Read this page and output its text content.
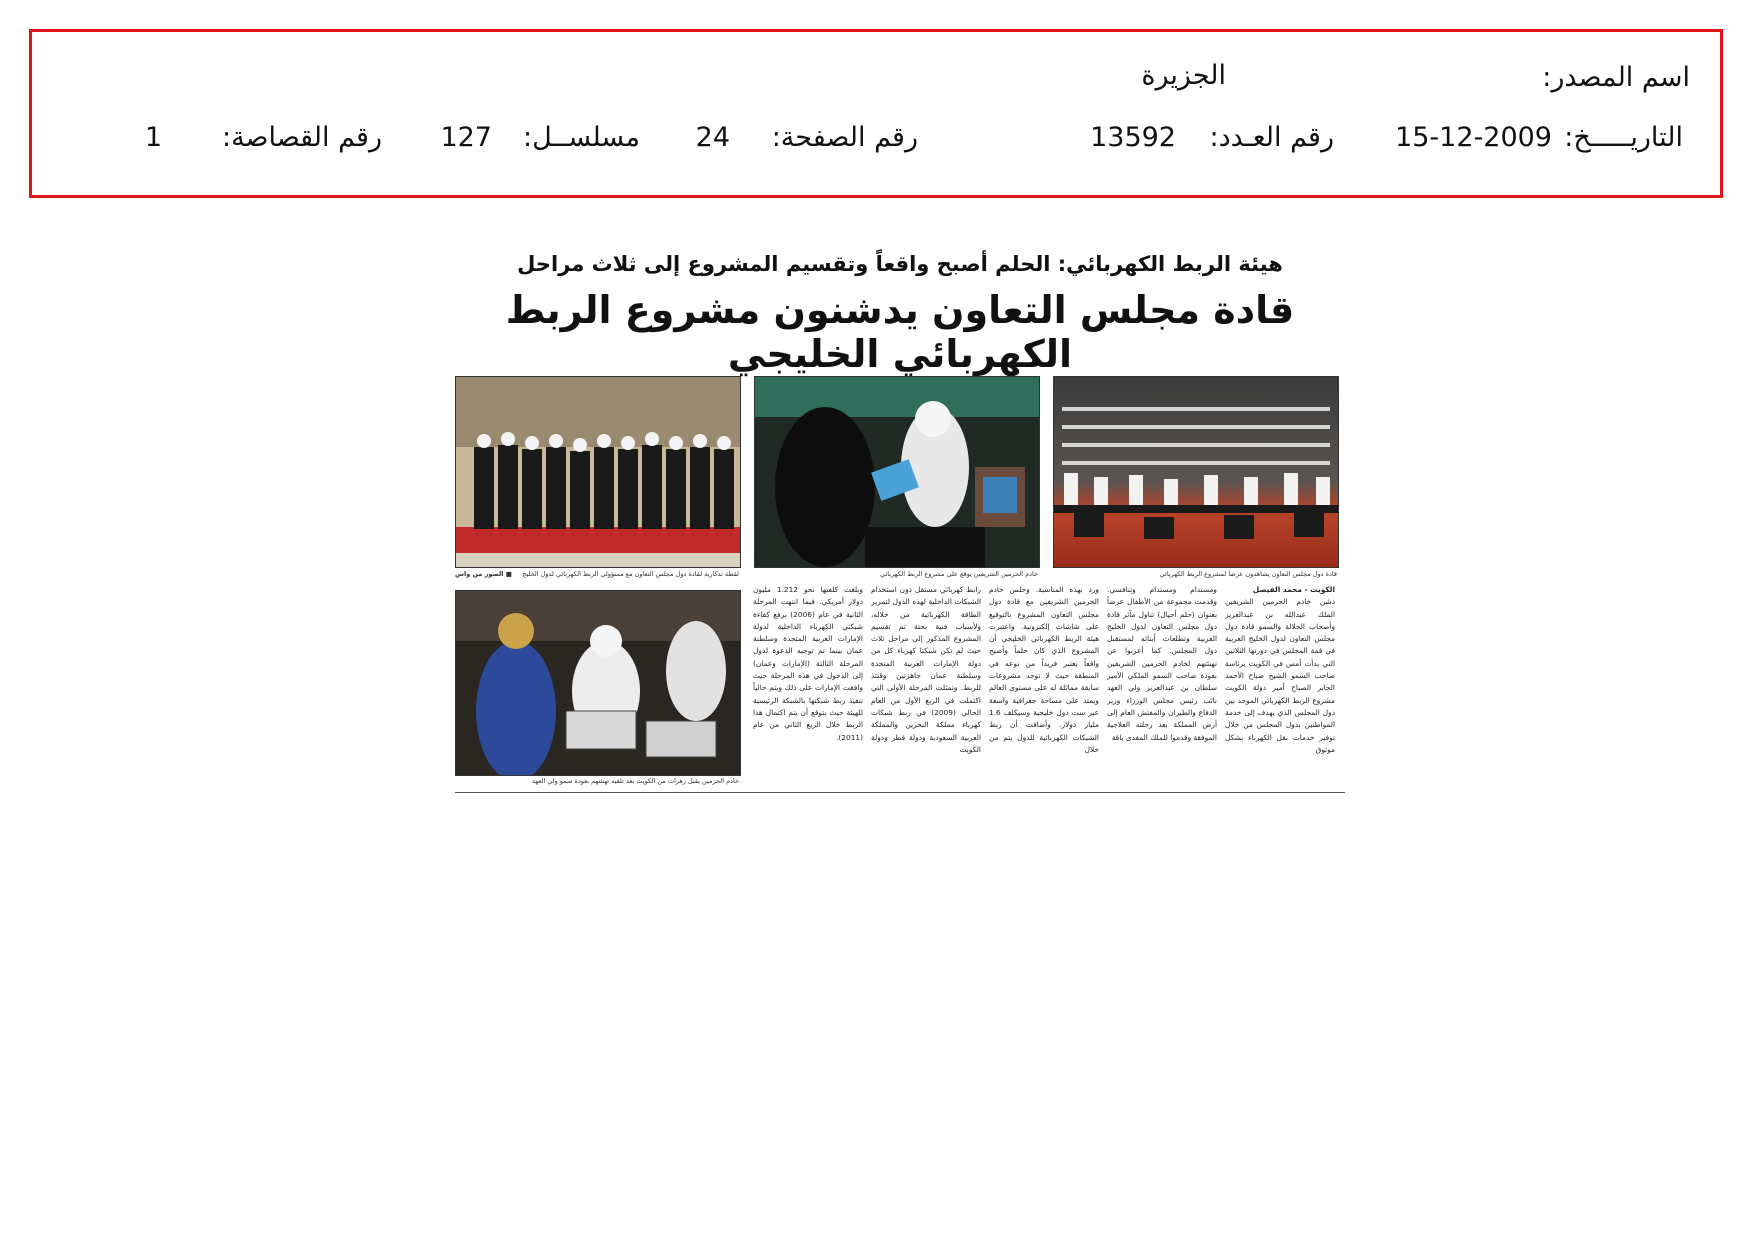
اسم المصدر:
الجزيرة
التاريـــــخ:
15-12-2009
رقم العـدد:
13592
رقم الصفحة:
24
مسلســل:
127
رقم القصاصة:
1
هيئة الربط الكهربائي: الحلم أصبح واقعاً وتقسيم المشروع إلى ثلاث مراحل
قادة مجلس التعاون يدشنون مشروع الربط الكهربائي الخليجي
قادة دول مجلس التعاون يشاهدون عرضاً لمشروع الربط الكهربائي
خادم الحرمين الشريفين يوقع على مشروع الربط الكهربائي
لقطة تذكارية لقادة دول مجلس التعاون مع مسؤولي الربط الكهربائي لدول الخليج
■ الصور من واس
خادم الحرمين يقبل زهرات من الكويت بعد تلقيه تهنئتهم بعودة سمو ولي العهد

الكويت - محمد الفيصل

دشن خادم الحرمين الشريفين الملك عبدالله بن عبدالعزيز وأصحاب الجلالة والسمو قادة دول مجلس التعاون لدول الخليج العربية في قمة المجلس في دورتها الثلاثين التي بدأت أمس في الكويت برئاسة صاحب السمو الشيخ صباح الأحمد الجابر الصباح أمير دولة الكويت مشروع الربط الكهربائي الموحد بين دول المجلس الذي يهدف إلى خدمة المواطنين بدول المجلس من خلال توفير خدمات نقل الكهرباء بشكل موثوق

ومستدام ومستدام وتنافسي. وقدمت مجموعة من الأطفال عرضاً بعنوان (حلم أجيال) تناول مآثر قادة دول مجلس التعاون لدول الخليج العربية وتطلعات أبنائه لمستقبل دول المجلس. كما أعربوا عن تهنئتهم لخادم الحرمين الشريفين بعودة صاحب السمو الملكي الأمير سلطان بن عبدالعزيز ولي العهد نائب رئيس مجلس الوزراء وزير الدفاع والطيران والمفتش العام إلى أرض المملكة بعد رحلته العلاجية الموفقة وقدموا للملك المفدى باقة

ورد بهذه المناسبة. وحلس خادم الحرمين الشريفين مع قادة دول مجلس التعاون المشروع بالتوقيع على شاشات إلكترونية. واعتبرت هيئة الربط الكهربائي الخليجي أن المشروع الذي كان حلماً وأصبح واقعاً يعتبر فريداً من نوعه في المنطقة حيث لا توجد مشروعات سابقة مماثلة له على مستوى العالم ويمتد على مساحة جغرافية واسعة عبر ست دول خليجية وسيكلف 1.6 مليار دولار. وأضافت أن ربط الشبكات الكهربائية للدول يتم من خلال

رابط كهربائي مستقل دون استخدام الشبكات الداخلية لهذه الدول لتمرير الطاقة الكهربائية من خلاله، ولأسباب فنية بحتة تم تقسيم المشروع المذكور إلى مراحل ثلاث حيث لم تكن شبكتا كهرباء كل من دولة الإمارات العربية المتحدة وسلطنة عمان جاهزتين وقتئذ للربط. وتمثلت المرحلة الأولى التي اكتملت في الربع الأول من العام الحالي (2009) في ربط شبكات كهرباء مملكة البحرين والمملكة العربية السعودية ودولة قطر ودولة الكويت

وبلغت كلفتها نحو 1.212 مليون دولار أمريكي. فيما انتهت المرحلة الثانية في عام (2006) برفع كفاءة شبكتي الكهرباء الداخلية لدولة الإمارات العربية المتحدة وسلطنة عمان بينما تم توجيه الدعوة لدول المرحلة الثالثة (الإمارات وعمان) إلى الدخول في هذه المرحلة حيث وافقت الإمارات على ذلك ويتم حالياً تنفيذ ربط شبكتها بالشبكة الرئيسية للهيئة حيث يتوقع أن يتم اكتمال هذا الربط خلال الربع الثاني من عام (2011).
